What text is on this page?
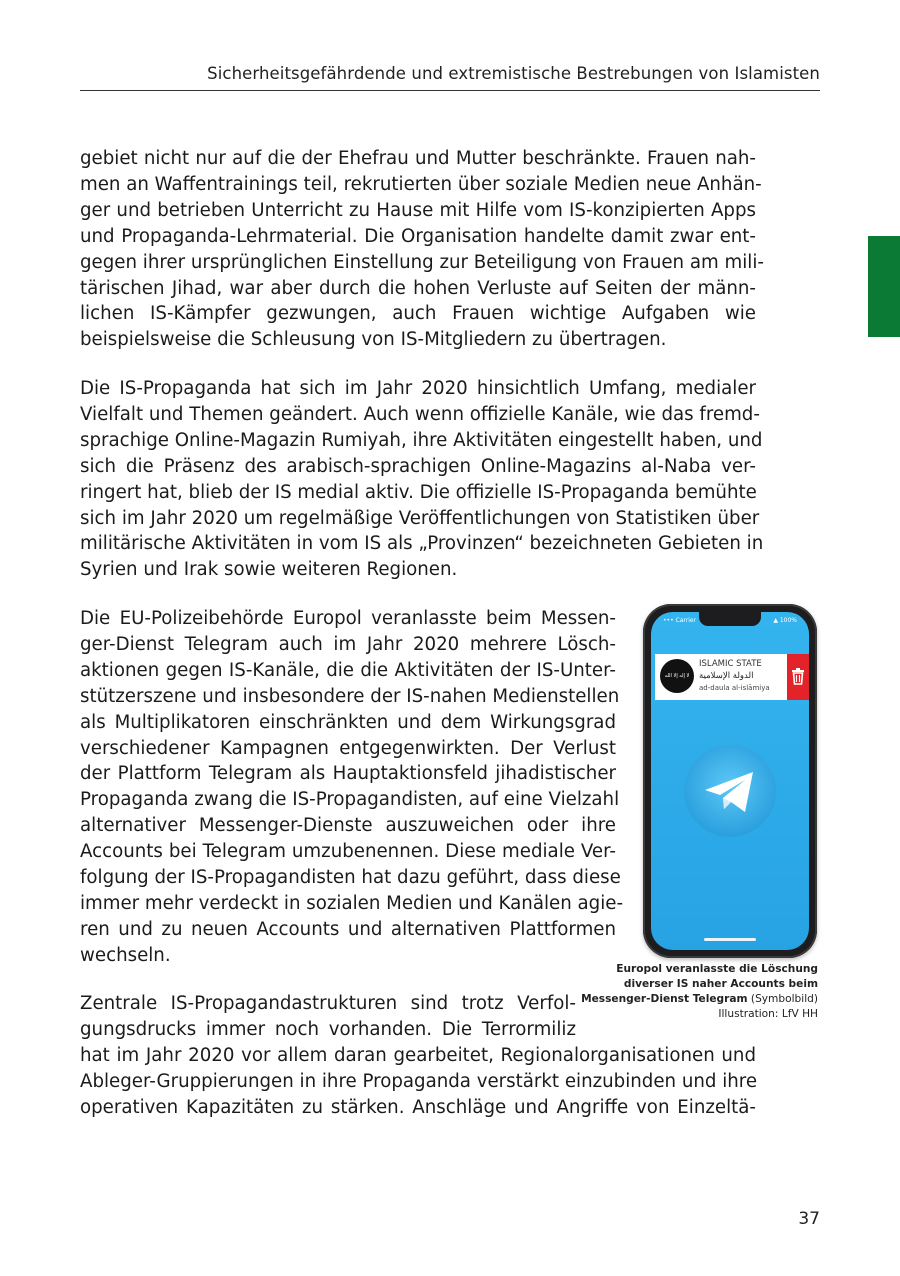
Sicherheitsgefährdende und extremistische Bestrebungen von Islamisten
gebiet nicht nur auf die der Ehefrau und Mutter beschränkte. Frauen nah-
men an Waffentrainings teil, rekrutierten über soziale Medien neue Anhän-
ger und betrieben Unterricht zu Hause mit Hilfe vom IS-konzipierten Apps
und Propaganda-Lehrmaterial. Die Organisation handelte damit zwar ent-
gegen ihrer ursprünglichen Einstellung zur Beteiligung von Frauen am mili-
tärischen Jihad, war aber durch die hohen Verluste auf Seiten der männ-
lichen IS-Kämpfer gezwungen, auch Frauen wichtige Aufgaben wie
beispielsweise die Schleusung von IS-Mitgliedern zu übertragen.
Die IS-Propaganda hat sich im Jahr 2020 hinsichtlich Umfang, medialer
Vielfalt und Themen geändert. Auch wenn offizielle Kanäle, wie das fremd-
sprachige Online-Magazin Rumiyah, ihre Aktivitäten eingestellt haben, und
sich die Präsenz des arabisch-sprachigen Online-Magazins al-Naba ver-
ringert hat, blieb der IS medial aktiv. Die offizielle IS-Propaganda bemühte
sich im Jahr 2020 um regelmäßige Veröffentlichungen von Statistiken über
militärische Aktivitäten in vom IS als „Provinzen“ bezeichneten Gebieten in
Syrien und Irak sowie weiteren Regionen.
Die EU-Polizeibehörde Europol veranlasste beim Messen-
ger-Dienst Telegram auch im Jahr 2020 mehrere Lösch-
aktionen gegen IS-Kanäle, die die Aktivitäten der IS-Unter-
stützerszene und insbesondere der IS-nahen Medienstellen
als Multiplikatoren einschränkten und dem Wirkungsgrad
verschiedener Kampagnen entgegenwirkten. Der Verlust
der Plattform Telegram als Hauptaktionsfeld jihadistischer
Propaganda zwang die IS-Propagandisten, auf eine Vielzahl
alternativer Messenger-Dienste auszuweichen oder ihre
Accounts bei Telegram umzubenennen. Diese mediale Ver-
folgung der IS-Propagandisten hat dazu geführt, dass diese
immer mehr verdeckt in sozialen Medien und Kanälen agie-
ren und zu neuen Accounts und alternativen Plattformen
wechseln.
••• Carrier	▲ 100%
لا إله إلا الله
ISLAMIC STATE
الدولة الإسلامية
ad-daula al-islāmiya
Europol veranlasste die Löschung diverser IS naher Accounts beim Messenger-Dienst Telegram (Symbolbild)
Illustration: LfV HH
Zentrale IS-Propagandastrukturen sind trotz Verfol-
gungsdrucks immer noch vorhanden. Die Terrormiliz
hat im Jahr 2020 vor allem daran gearbeitet, Regionalorganisationen und
Ableger-Gruppierungen in ihre Propaganda verstärkt einzubinden und ihre
operativen Kapazitäten zu stärken. Anschläge und Angriffe von Einzeltä-
37
